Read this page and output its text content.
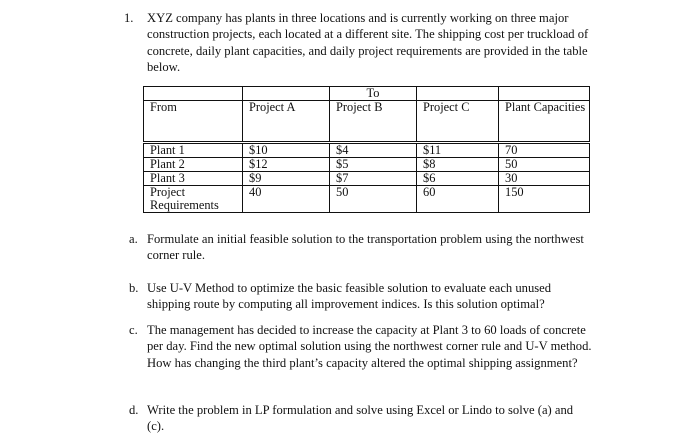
1. XYZ company has plants in three locations and is currently working on three major construction projects, each located at a different site. The shipping cost per truckload of concrete, daily plant capacities, and daily project requirements are provided in the table below.
		To		
From	Project A	Project B	Project C	Plant Capacities
Plant 1	$10	$4	$11	70
Plant 2	$12	$5	$8	50
Plant 3	$9	$7	$6	30
Project Requirements	40	50	60	150
a. Formulate an initial feasible solution to the transportation problem using the northwest corner rule.
b. Use U-V Method to optimize the basic feasible solution to evaluate each unused shipping route by computing all improvement indices. Is this solution optimal?
c. The management has decided to increase the capacity at Plant 3 to 60 loads of concrete per day. Find the new optimal solution using the northwest corner rule and U-V method. How has changing the third plant’s capacity altered the optimal shipping assignment?
d. Write the problem in LP formulation and solve using Excel or Lindo to solve (a) and (c).
